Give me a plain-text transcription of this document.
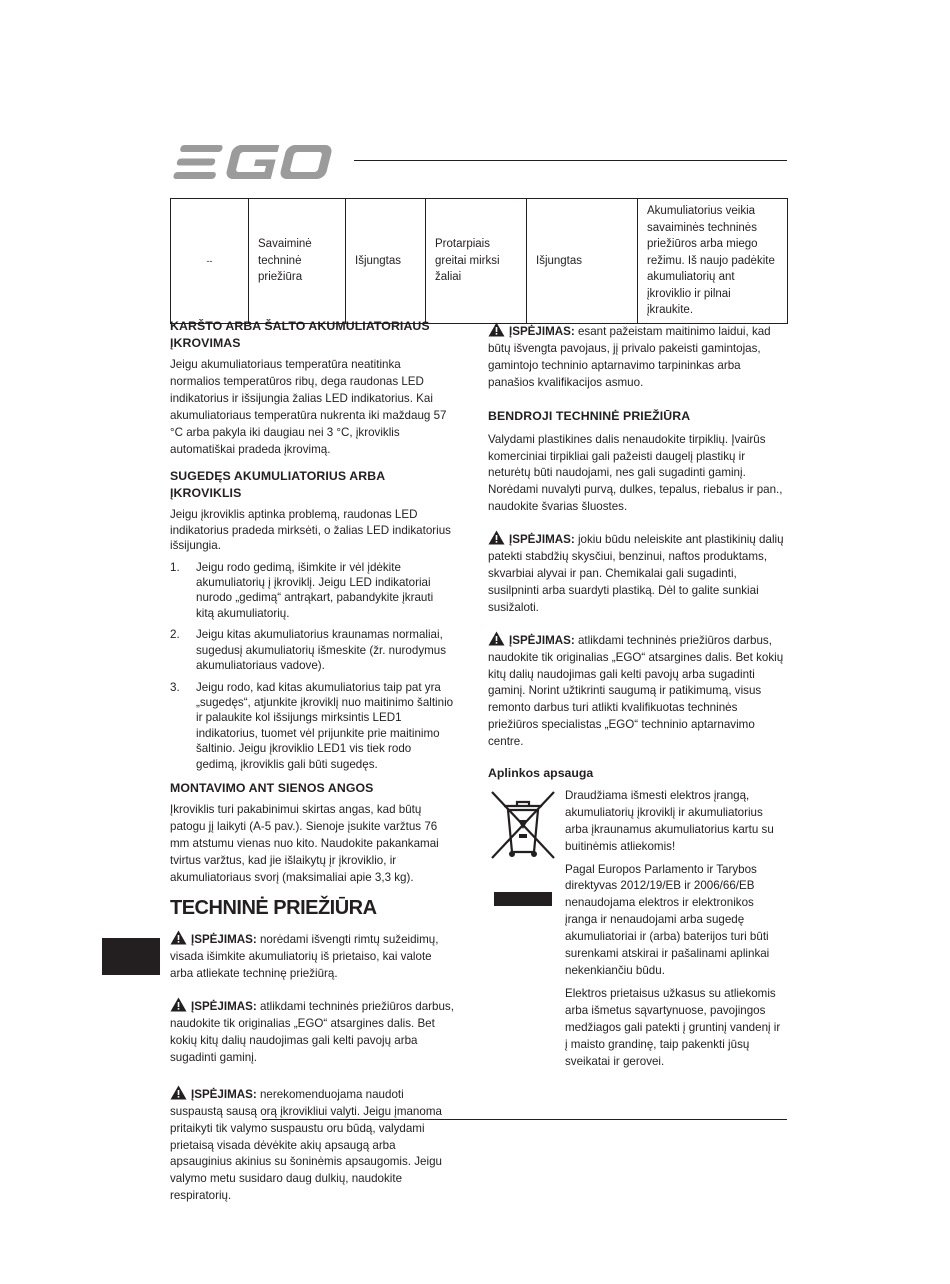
--	Savaiminė techninė priežiūra	Išjungtas	Protarpiais greitai mirksi žaliai	Išjungtas	Akumuliatorius veikia savaiminės techninės priežiūros arba miego režimu. Iš naujo padėkite akumuliatorių ant įkroviklio ir pilnai įkraukite.
KARŠTO ARBA ŠALTO AKUMULIATORIAUS ĮKROVIMAS
Jeigu akumuliatoriaus temperatūra neatitinka normalios temperatūros ribų, dega raudonas LED indikatorius ir išsijungia žalias LED indikatorius. Kai akumuliatoriaus temperatūra nukrenta iki maždaug 57 °C arba pakyla iki daugiau nei 3 °C, įkroviklis automatiškai pradeda įkrovimą.
SUGEDĘS AKUMULIATORIUS ARBA ĮKROVIKLIS
Jeigu įkroviklis aptinka problemą, raudonas LED indikatorius pradeda mirksėti, o žalias LED indikatorius išsijungia.
1. Jeigu rodo gedimą, išimkite ir vėl įdėkite akumuliatorių į įkroviklį. Jeigu LED indikatoriai nurodo „gedimą“ antrąkart, pabandykite įkrauti kitą akumuliatorių.
2. Jeigu kitas akumuliatorius kraunamas normaliai, sugedusį akumuliatorių išmeskite (žr. nurodymus akumuliatoriaus vadove).
3. Jeigu rodo, kad kitas akumuliatorius taip pat yra „sugedęs“, atjunkite įkroviklį nuo maitinimo šaltinio ir palaukite kol išsijungs mirksintis LED1 indikatorius, tuomet vėl prijunkite prie maitinimo šaltinio. Jeigu įkroviklio LED1 vis tiek rodo gedimą, įkroviklis gali būti sugedęs.
MONTAVIMO ANT SIENOS ANGOS
Įkroviklis turi pakabinimui skirtas angas, kad būtų patogu jį laikyti (A-5 pav.). Sienoje įsukite varžtus 76 mm atstumu vienas nuo kito. Naudokite pakankamai tvirtus varžtus, kad jie išlaikytų įr įkroviklio, ir akumuliatoriaus svorį (maksimaliai apie 3,3 kg).
TECHNINĖ PRIEŽIŪRA
ĮSPĖJIMAS: norėdami išvengti rimtų sužeidimų, visada išimkite akumuliatorių iš prietaiso, kai valote arba atliekate techninę priežiūrą.
ĮSPĖJIMAS: atlikdami techninės priežiūros darbus, naudokite tik originalias „EGO“ atsargines dalis. Bet kokių kitų dalių naudojimas gali kelti pavojų arba sugadinti gaminį.
ĮSPĖJIMAS: nerekomenduojama naudoti suspaustą sausą orą įkrovikliui valyti. Jeigu įmanoma pritaikyti tik valymo suspaustu oru būdą, valydami prietaisą visada dėvėkite akių apsaugą arba apsauginius akinius su šoninėmis apsaugomis. Jeigu valymo metu susidaro daug dulkių, naudokite respiratorių.
ĮSPĖJIMAS: esant pažeistam maitinimo laidui, kad būtų išvengta pavojaus, jį privalo pakeisti gamintojas, gamintojo techninio aptarnavimo tarpininkas arba panašios kvalifikacijos asmuo.
BENDROJI TECHNINĖ PRIEŽIŪRA
Valydami plastikines dalis nenaudokite tirpiklių. Įvairūs komerciniai tirpikliai gali pažeisti daugelį plastikų ir neturėtų būti naudojami, nes gali sugadinti gaminį. Norėdami nuvalyti purvą, dulkes, tepalus, riebalus ir pan., naudokite švarias šluostes.
ĮSPĖJIMAS: jokiu būdu neleiskite ant plastikinių dalių patekti stabdžių skysčiui, benzinui, naftos produktams, skvarbiai alyvai ir pan. Chemikalai gali sugadinti, susilpninti arba suardyti plastiką. Dėl to galite sunkiai susižaloti.
ĮSPĖJIMAS: atlikdami techninės priežiūros darbus, naudokite tik originalias „EGO“ atsargines dalis. Bet kokių kitų dalių naudojimas gali kelti pavojų arba sugadinti gaminį. Norint užtikrinti saugumą ir patikimumą, visus remonto darbus turi atlikti kvalifikuotas techninės priežiūros specialistas „EGO“ techninio aptarnavimo centre.
Aplinkos apsauga
Draudžiama išmesti elektros įrangą, akumuliatorių įkroviklį ir akumuliatorius arba įkraunamus akumuliatorius kartu su buitinėmis atliekomis!
Pagal Europos Parlamento ir Tarybos direktyvas 2012/19/EB ir 2006/66/EB nenaudojama elektros ir elektronikos įranga ir nenaudojami arba sugedę akumuliatoriai ir (arba) baterijos turi būti surenkami atskirai ir pašalinami aplinkai nekenkiančiu būdu.
Elektros prietaisus užkasus su atliekomis arba išmetus sąvartynuose, pavojingos medžiagos gali patekti į gruntinį vandenį ir į maisto grandinę, taip pakenkti jūsų sveikatai ir gerovei.
